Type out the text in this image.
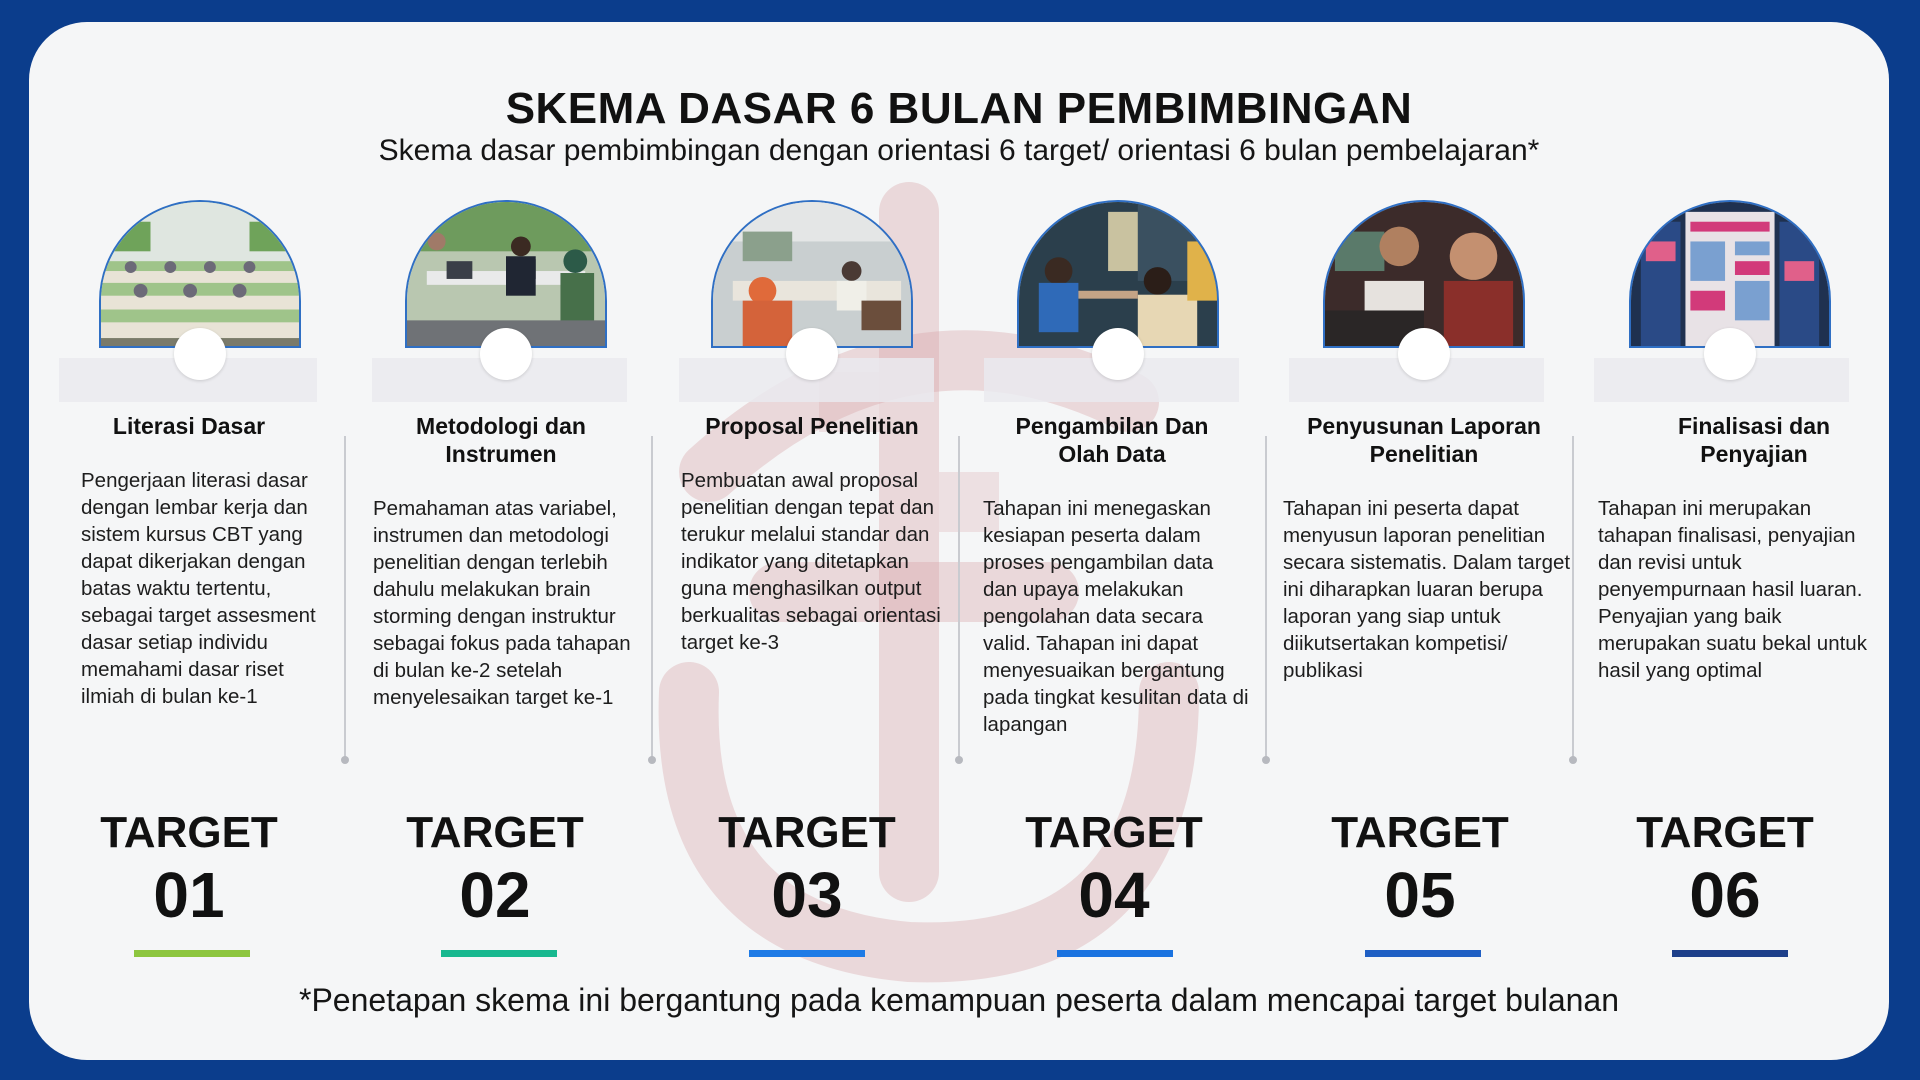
SKEMA DASAR 6 BULAN PEMBIMBINGAN
Skema dasar pembimbingan dengan orientasi 6 target/ orientasi 6 bulan pembelajaran*
Literasi Dasar
Pengerjaan literasi dasar dengan lembar kerja dan sistem kursus CBT yang dapat dikerjakan dengan batas waktu tertentu, sebagai target assesment dasar setiap individu memahami dasar riset ilmiah di bulan ke-1
TARGET
01
Metodologi dan Instrumen
Pemahaman atas variabel, instrumen dan metodologi penelitian dengan terlebih dahulu melakukan brain storming dengan instruktur sebagai fokus pada tahapan di bulan ke-2 setelah menyelesaikan target ke-1
TARGET
02
Proposal Penelitian
Pembuatan awal proposal penelitian dengan tepat dan terukur melalui standar dan indikator yang ditetapkan guna menghasilkan output berkualitas sebagai orientasi target ke-3
TARGET
03
Pengambilan Dan Olah Data
Tahapan ini menegaskan kesiapan peserta dalam proses pengambilan data dan upaya melakukan pengolahan data secara valid. Tahapan ini dapat menyesuaikan bergantung pada tingkat kesulitan data di lapangan
TARGET
04
Penyusunan Laporan Penelitian
Tahapan ini peserta dapat menyusun laporan penelitian secara sistematis. Dalam target ini diharapkan luaran berupa laporan yang siap untuk diikutsertakan kompetisi/ publikasi
TARGET
05
Finalisasi dan Penyajian
Tahapan ini merupakan tahapan finalisasi, penyajian dan revisi untuk penyempurnaan hasil luaran. Penyajian yang baik merupakan suatu bekal untuk hasil yang optimal
TARGET
06
*Penetapan skema ini bergantung pada kemampuan peserta dalam mencapai target bulanan
